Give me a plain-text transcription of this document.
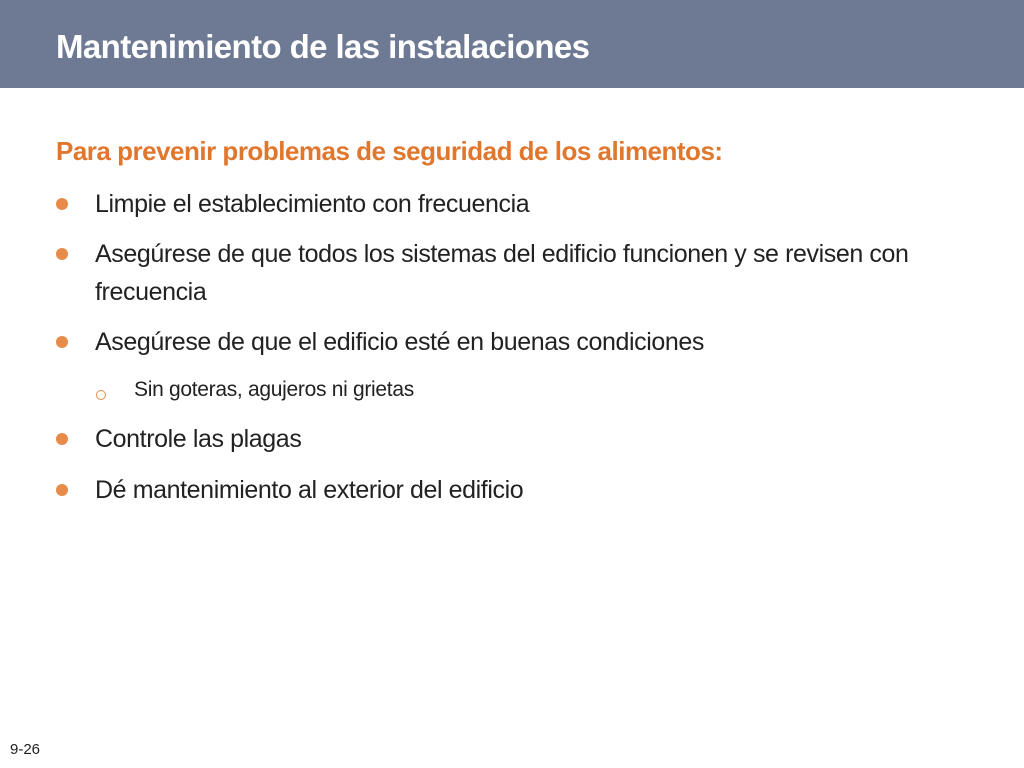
Mantenimiento de las instalaciones
Para prevenir problemas de seguridad de los alimentos:
Limpie el establecimiento con frecuencia
Asegúrese de que todos los sistemas del edificio funcionen y se revisen con frecuencia
Asegúrese de que el edificio esté en buenas condiciones
Sin goteras, agujeros ni grietas
Controle las plagas
Dé mantenimiento al exterior del edificio
9-26
